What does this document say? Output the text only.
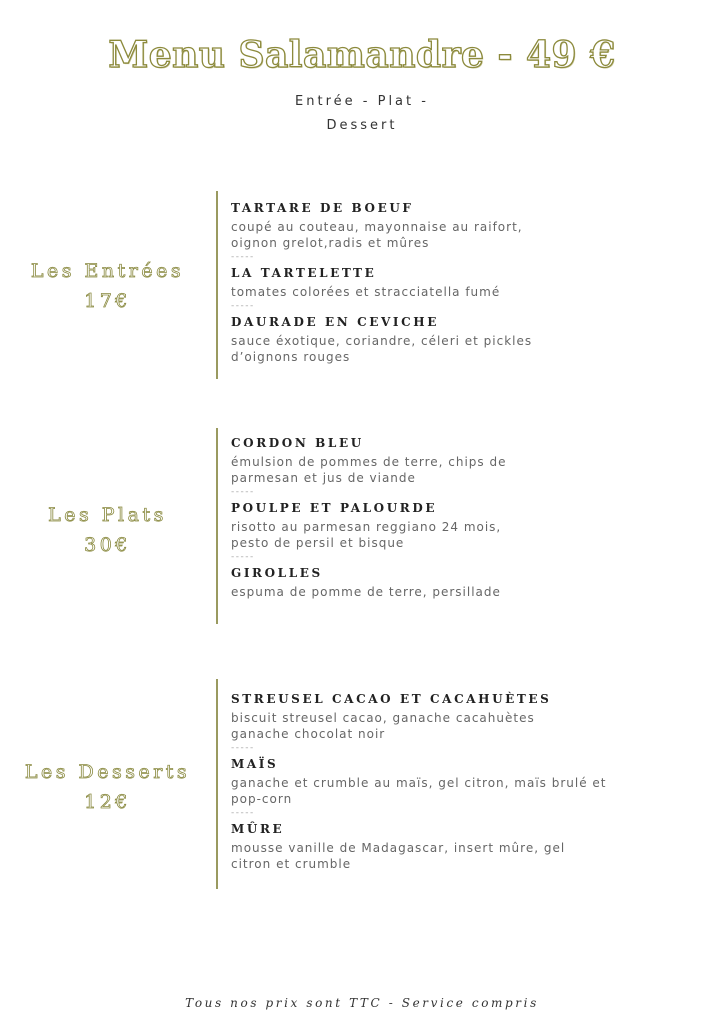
Menu Salamandre - 49 €
Entrée - Plat -
Dessert
Les Entrées
17€
TARTARE DE BOEUF
coupé au couteau, mayonnaise au raifort,
oignon grelot,radis et mûres
-----
LA TARTELETTE
tomates colorées et stracciatella fumé
-----
DAURADE EN CEVICHE
sauce éxotique, coriandre, céleri et pickles
d’oignons rouges
Les Plats
30€
CORDON BLEU
émulsion de pommes de terre, chips de
parmesan et jus de viande
-----
POULPE ET PALOURDE
risotto au parmesan reggiano 24 mois,
pesto de persil et bisque
-----
GIROLLES
espuma de pomme de terre, persillade
Les Desserts
12€
STREUSEL CACAO ET CACAHUÈTES
biscuit streusel cacao, ganache cacahuètes
ganache chocolat noir
-----
MAÏS
ganache et crumble au maïs, gel citron, maïs brulé et
pop-corn
-----
MÛRE
mousse vanille de Madagascar, insert mûre, gel
citron et crumble
Tous nos prix sont TTC - Service compris
